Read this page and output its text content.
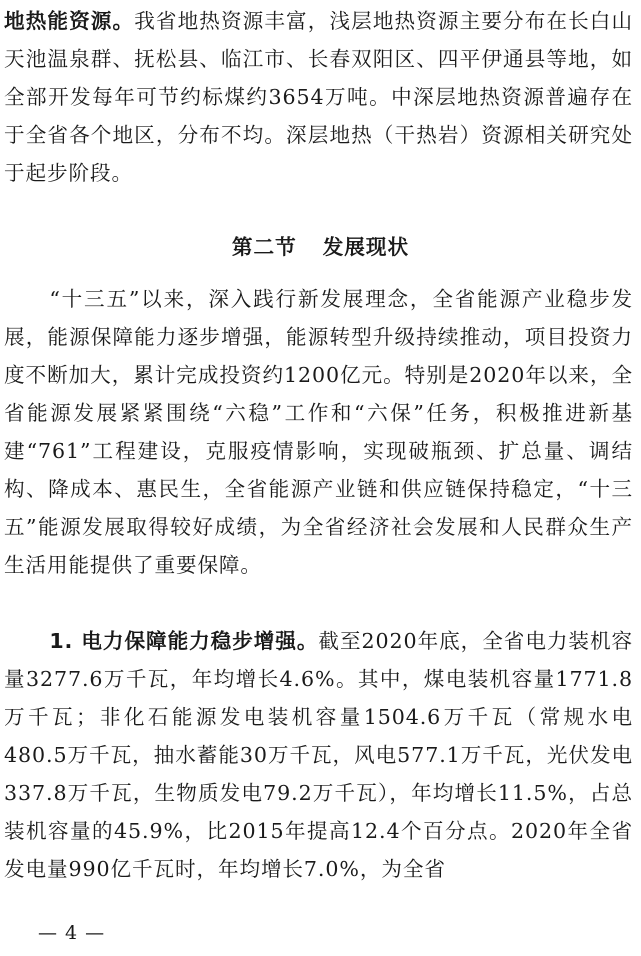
地热能资源。我省地热资源丰富，浅层地热资源主要分布在长白山天池温泉群、抚松县、临江市、长春双阳区、四平伊通县等地，如全部开发每年可节约标煤约3654万吨。中深层地热资源普遍存在于全省各个地区，分布不均。深层地热（干热岩）资源相关研究处于起步阶段。

第二节 发展现状

“十三五”以来，深入践行新发展理念，全省能源产业稳步发展，能源保障能力逐步增强，能源转型升级持续推动，项目投资力度不断加大，累计完成投资约1200亿元。特别是2020年以来，全省能源发展紧紧围绕“六稳”工作和“六保”任务，积极推进新基建“761”工程建设，克服疫情影响，实现破瓶颈、扩总量、调结构、降成本、惠民生，全省能源产业链和供应链保持稳定，“十三五”能源发展取得较好成绩，为全省经济社会发展和人民群众生产生活用能提供了重要保障。

1. 电力保障能力稳步增强。截至2020年底，全省电力装机容量3277.6万千瓦，年均增长4.6%。其中，煤电装机容量1771.8万千瓦；非化石能源发电装机容量1504.6万千瓦（常规水电480.5万千瓦，抽水蓄能30万千瓦，风电577.1万千瓦，光伏发电337.8万千瓦，生物质发电79.2万千瓦），年均增长11.5%，占总装机容量的45.9%，比2015年提高12.4个百分点。2020年全省发电量990亿千瓦时，年均增长7.0%，为全省

— 4 —
